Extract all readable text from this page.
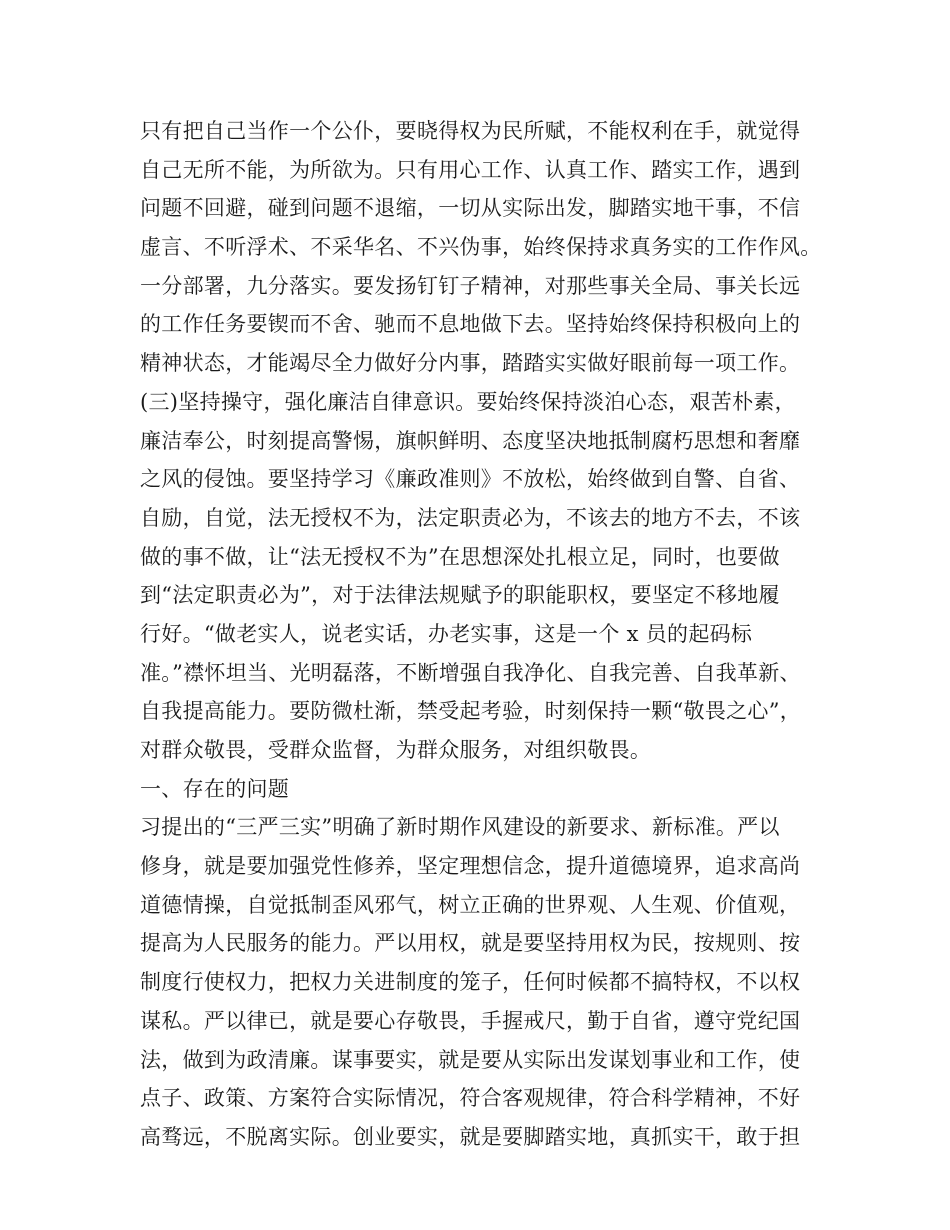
只有把自己当作一个公仆，要晓得权为民所赋，不能权利在手，就觉得
自己无所不能，为所欲为。只有用心工作、认真工作、踏实工作，遇到
问题不回避，碰到问题不退缩，一切从实际出发，脚踏实地干事，不信
虚言、不听浮术、不采华名、不兴伪事，始终保持求真务实的工作作风。
一分部署，九分落实。要发扬钉钉子精神，对那些事关全局、事关长远
的工作任务要锲而不舍、驰而不息地做下去。坚持始终保持积极向上的
精神状态，才能竭尽全力做好分内事，踏踏实实做好眼前每一项工作。
(三)坚持操守，强化廉洁自律意识。要始终保持淡泊心态，艰苦朴素，
廉洁奉公，时刻提高警惕，旗帜鲜明、态度坚决地抵制腐朽思想和奢靡
之风的侵蚀。要坚持学习《廉政准则》不放松，始终做到自警、自省、
自励，自觉，法无授权不为，法定职责必为，不该去的地方不去，不该
做的事不做，让“法无授权不为”在思想深处扎根立足，同时，也要做
到“法定职责必为”，对于法律法规赋予的职能职权，要坚定不移地履
行好。“做老实人，说老实话，办老实事，这是一个 x 员的起码标
准。”襟怀坦当、光明磊落，不断增强自我净化、自我完善、自我革新、
自我提高能力。要防微杜渐，禁受起考验，时刻保持一颗“敬畏之心”，
对群众敬畏，受群众监督，为群众服务，对组织敬畏。
一、存在的问题
习提出的“三严三实”明确了新时期作风建设的新要求、新标准。严以
修身，就是要加强党性修养，坚定理想信念，提升道德境界，追求高尚
道德情操，自觉抵制歪风邪气，树立正确的世界观、人生观、价值观，
提高为人民服务的能力。严以用权，就是要坚持用权为民，按规则、按
制度行使权力，把权力关进制度的笼子，任何时候都不搞特权，不以权
谋私。严以律已，就是要心存敬畏，手握戒尺，勤于自省，遵守党纪国
法，做到为政清廉。谋事要实，就是要从实际出发谋划事业和工作，使
点子、政策、方案符合实际情况，符合客观规律，符合科学精神，不好
高骛远，不脱离实际。创业要实，就是要脚踏实地，真抓实干，敢于担
